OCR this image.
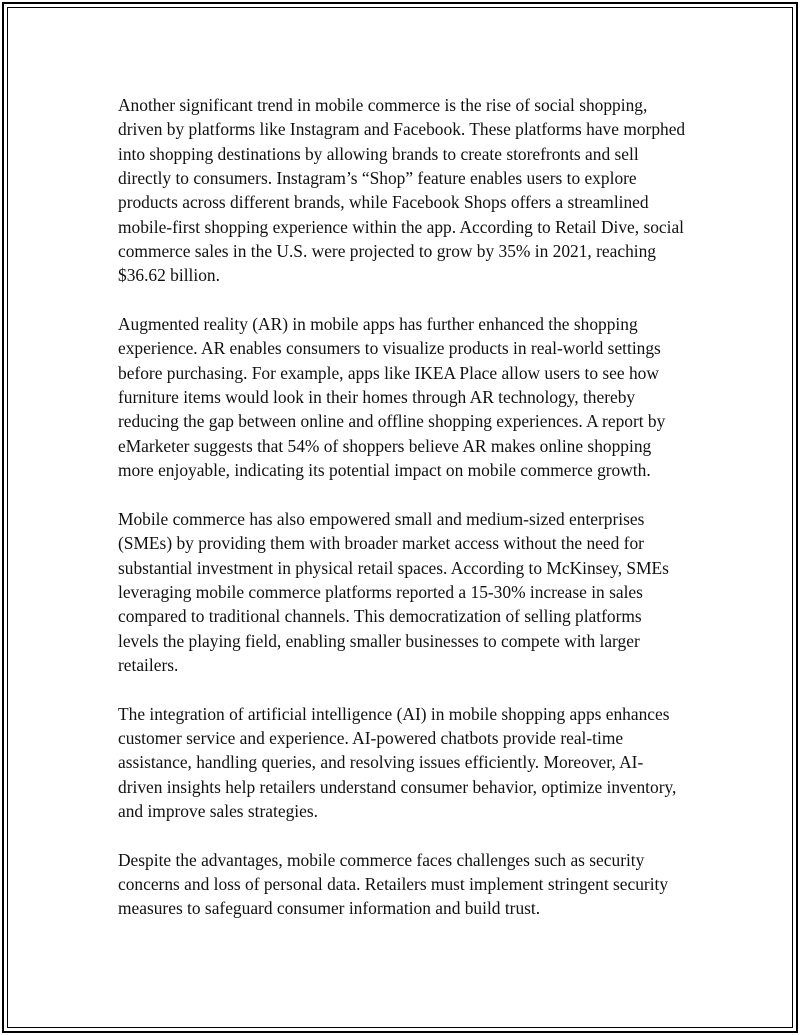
Another significant trend in mobile commerce is the rise of social shopping, driven by platforms like Instagram and Facebook. These platforms have morphed into shopping destinations by allowing brands to create storefronts and sell directly to consumers. Instagram’s “Shop” feature enables users to explore products across different brands, while Facebook Shops offers a streamlined mobile-first shopping experience within the app. According to Retail Dive, social commerce sales in the U.S. were projected to grow by 35% in 2021, reaching $36.62 billion.

Augmented reality (AR) in mobile apps has further enhanced the shopping experience. AR enables consumers to visualize products in real-world settings before purchasing. For example, apps like IKEA Place allow users to see how furniture items would look in their homes through AR technology, thereby reducing the gap between online and offline shopping experiences. A report by eMarketer suggests that 54% of shoppers believe AR makes online shopping more enjoyable, indicating its potential impact on mobile commerce growth.

Mobile commerce has also empowered small and medium-sized enterprises (SMEs) by providing them with broader market access without the need for substantial investment in physical retail spaces. According to McKinsey, SMEs leveraging mobile commerce platforms reported a 15-30% increase in sales compared to traditional channels. This democratization of selling platforms levels the playing field, enabling smaller businesses to compete with larger retailers.

The integration of artificial intelligence (AI) in mobile shopping apps enhances customer service and experience. AI-powered chatbots provide real-time assistance, handling queries, and resolving issues efficiently. Moreover, AI-driven insights help retailers understand consumer behavior, optimize inventory, and improve sales strategies.

Despite the advantages, mobile commerce faces challenges such as security concerns and loss of personal data. Retailers must implement stringent security measures to safeguard consumer information and build trust.
